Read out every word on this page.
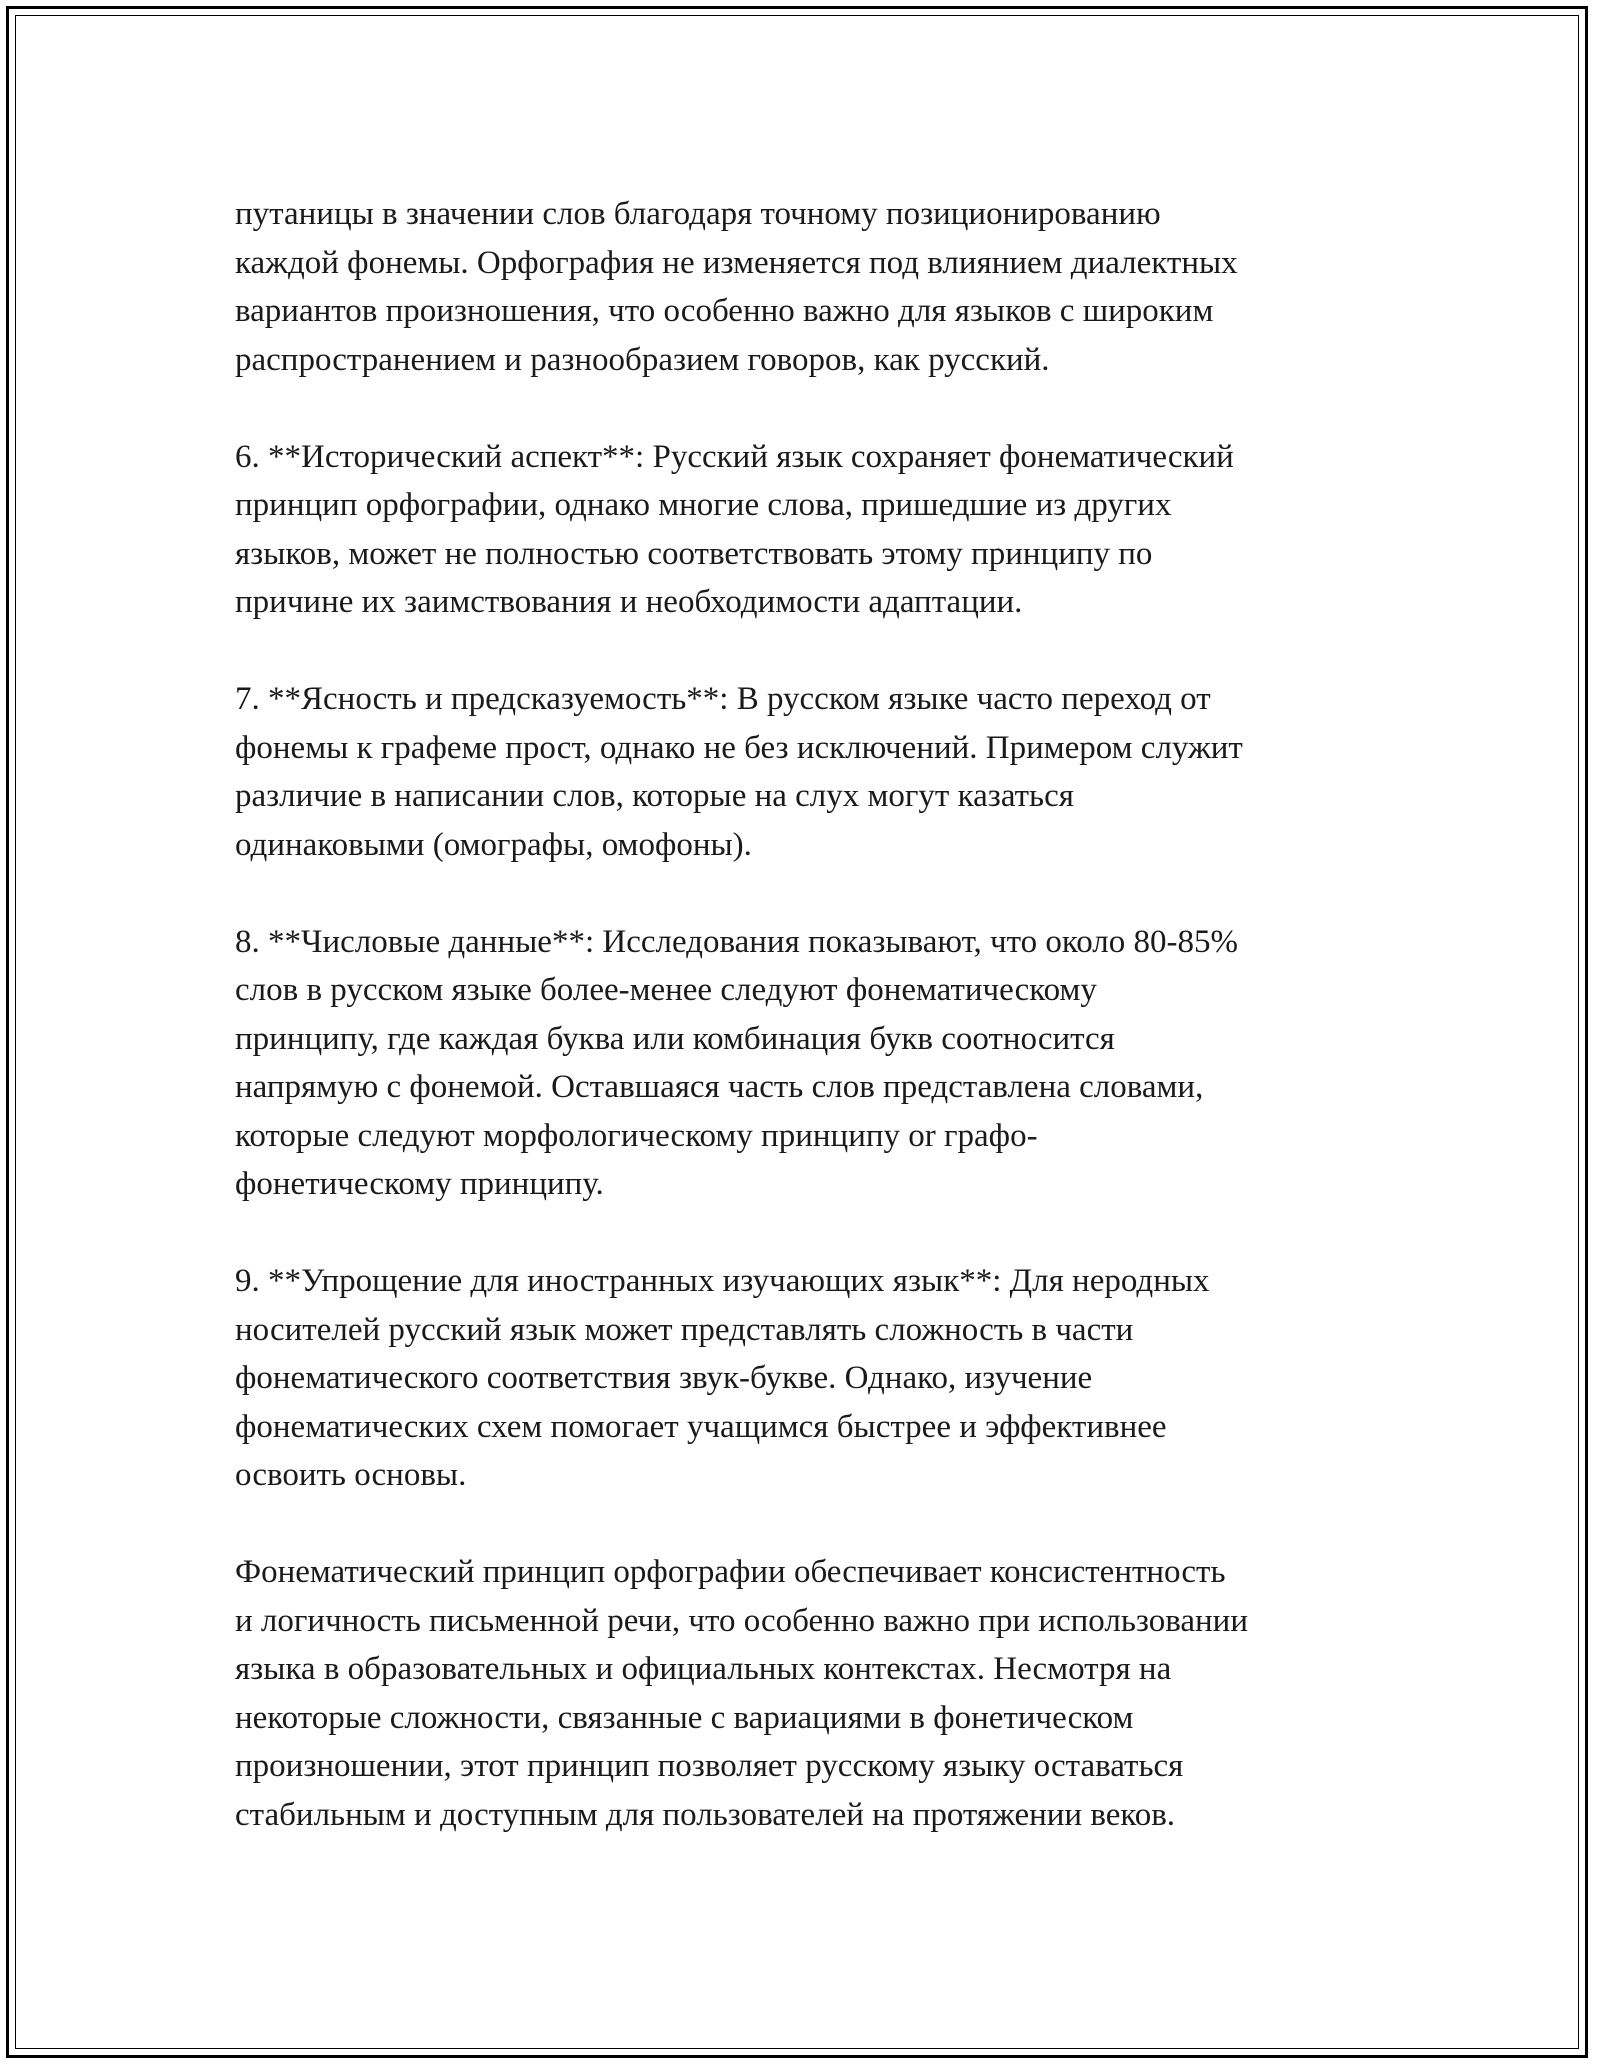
путаницы в значении слов благодаря точному позиционированию
каждой фонемы. Орфография не изменяется под влиянием диалектных
вариантов произношения, что особенно важно для языков с широким
распространением и разнообразием говоров, как русский.

6. **Исторический аспект**: Русский язык сохраняет фонематический
принцип орфографии, однако многие слова, пришедшие из других
языков, может не полностью соответствовать этому принципу по
причине их заимствования и необходимости адаптации.

7. **Ясность и предсказуемость**: В русском языке часто переход от
фонемы к графеме прост, однако не без исключений. Примером служит
различие в написании слов, которые на слух могут казаться
одинаковыми (омографы, омофоны).

8. **Числовые данные**: Исследования показывают, что около 80-85%
слов в русском языке более-менее следуют фонематическому
принципу, где каждая буква или комбинация букв соотносится
напрямую с фонемой. Оставшаяся часть слов представлена словами,
которые следуют морфологическому принципу or графо-
фонетическому принципу.

9. **Упрощение для иностранных изучающих язык**: Для неродных
носителей русский язык может представлять сложность в части
фонематического соответствия звук-букве. Однако, изучение
фонематических схем помогает учащимся быстрее и эффективнее
освоить основы.

Фонематический принцип орфографии обеспечивает консистентность
и логичность письменной речи, что особенно важно при использовании
языка в образовательных и официальных контекстах. Несмотря на
некоторые сложности, связанные с вариациями в фонетическом
произношении, этот принцип позволяет русскому языку оставаться
стабильным и доступным для пользователей на протяжении веков.
